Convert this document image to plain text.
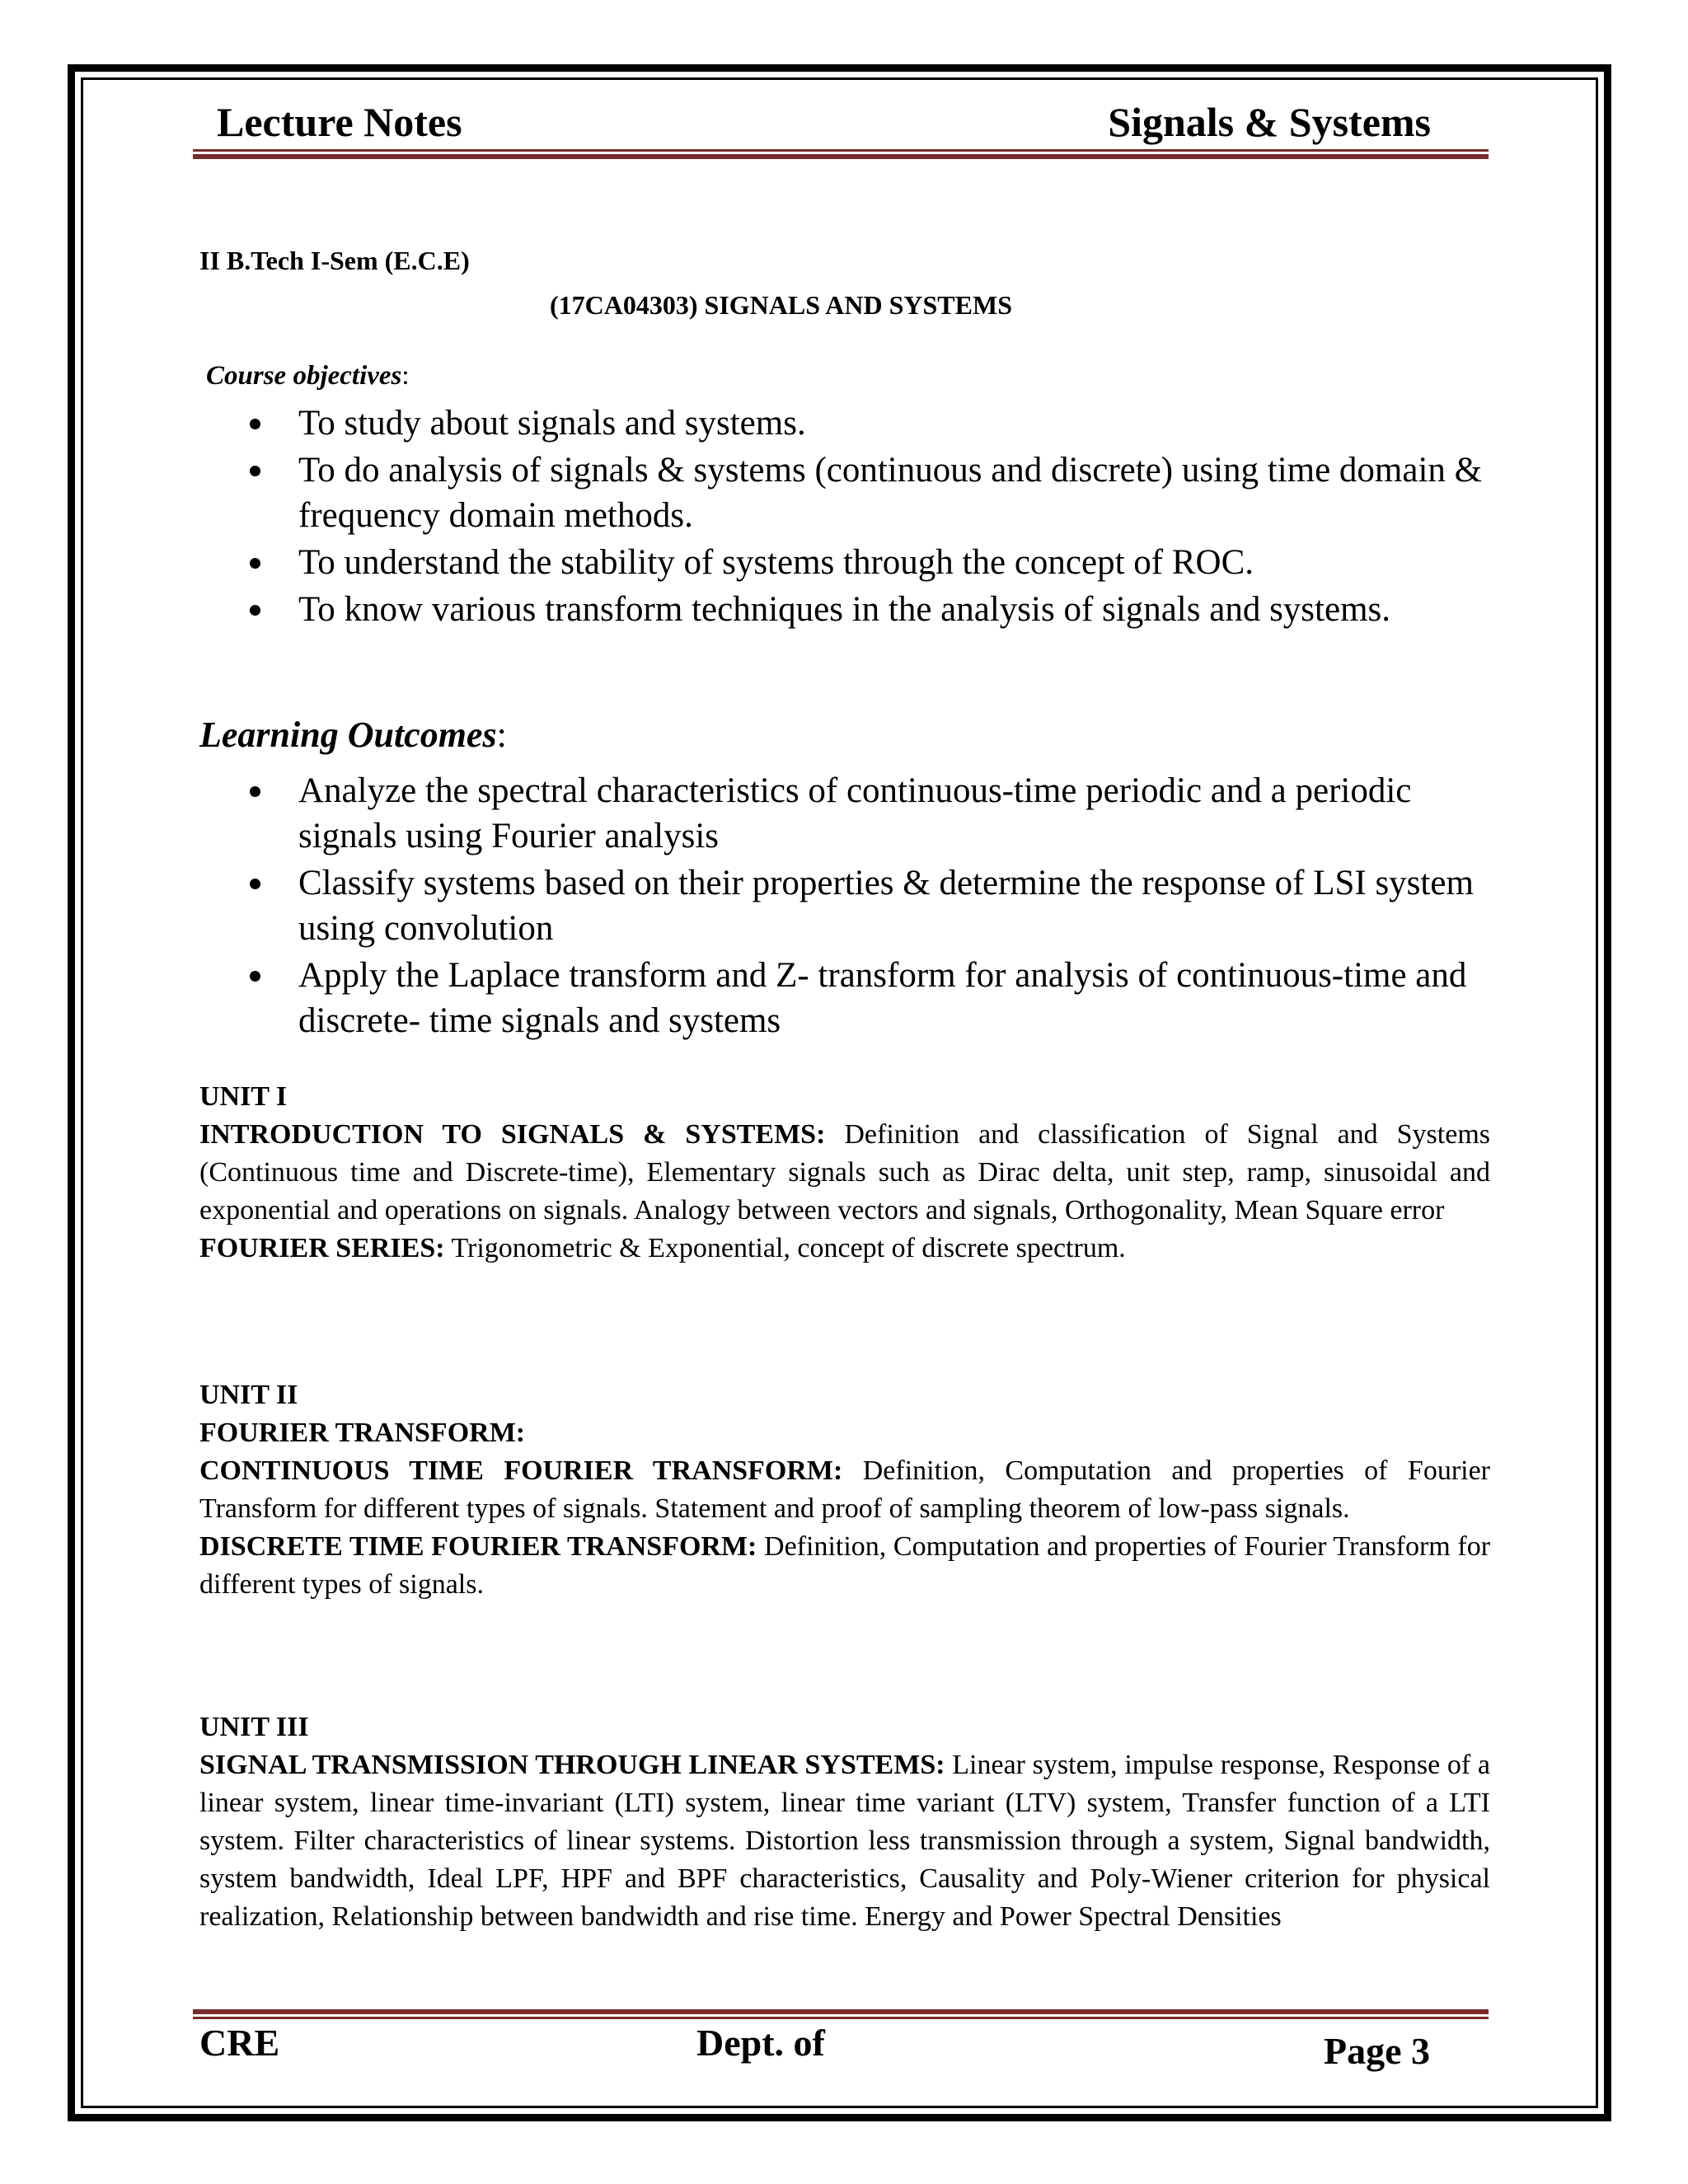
Lecture Notes	Signals & Systems
II B.Tech I-Sem (E.C.E)
(17CA04303) SIGNALS AND SYSTEMS
Course objectives:
To study about signals and systems.
To do analysis of signals & systems (continuous and discrete) using time domain & frequency domain methods.
To understand the stability of systems through the concept of ROC.
To know various transform techniques in the analysis of signals and systems.
Learning Outcomes:
Analyze the spectral characteristics of continuous-time periodic and a periodic signals using Fourier analysis
Classify systems based on their properties & determine the response of LSI system using convolution
Apply the Laplace transform and Z- transform for analysis of continuous-time and discrete- time signals and systems

UNIT I

INTRODUCTION TO SIGNALS & SYSTEMS: Definition and classification of Signal and Systems (Continuous time and Discrete-time), Elementary signals such as Dirac delta, unit step, ramp, sinusoidal and exponential and operations on signals. Analogy between vectors and signals, Orthogonality, Mean Square error

FOURIER SERIES: Trigonometric & Exponential, concept of discrete spectrum.

UNIT II

FOURIER TRANSFORM:

CONTINUOUS TIME FOURIER TRANSFORM: Definition, Computation and properties of Fourier Transform for different types of signals. Statement and proof of sampling theorem of low-pass signals.

DISCRETE TIME FOURIER TRANSFORM: Definition, Computation and properties of Fourier Transform for different types of signals.

UNIT III

SIGNAL TRANSMISSION THROUGH LINEAR SYSTEMS: Linear system, impulse response, Response of a linear system, linear time-invariant (LTI) system, linear time variant (LTV) system, Transfer function of a LTI system. Filter characteristics of linear systems. Distortion less transmission through a system, Signal bandwidth, system bandwidth, Ideal LPF, HPF and BPF characteristics, Causality and Poly-Wiener criterion for physical realization, Relationship between bandwidth and rise time. Energy and Power Spectral Densities

CRE	Dept. of	Page 3
